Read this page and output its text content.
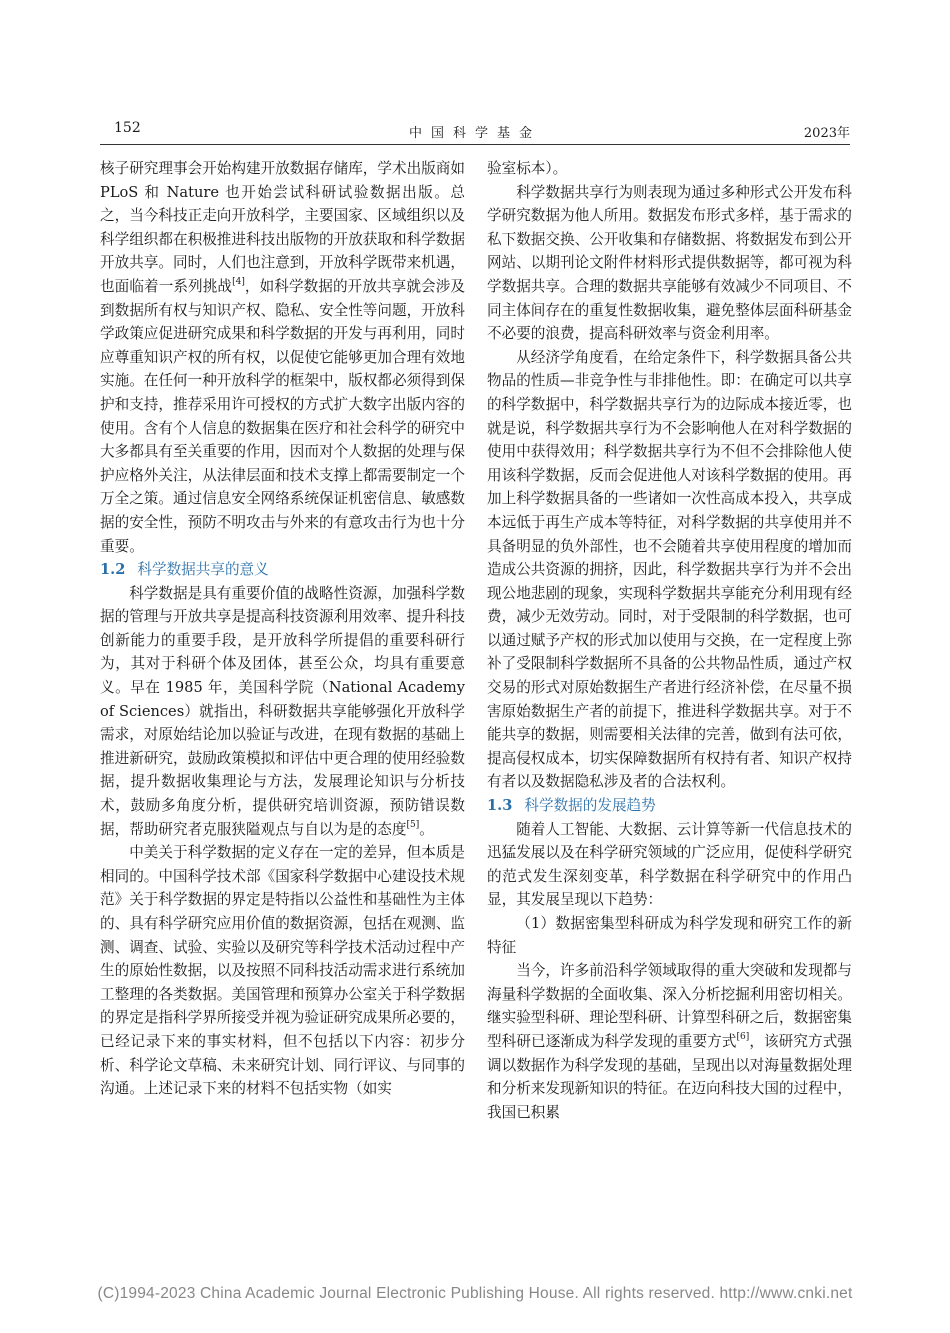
152	中国科学基金	2023年

核子研究理事会开始构建开放数据存储库，学术出版商如 PLoS 和 Nature 也开始尝试科研试验数据出版。总之，当今科技正走向开放科学，主要国家、区域组织以及科学组织都在积极推进科技出版物的开放获取和科学数据开放共享。同时，人们也注意到，开放科学既带来机遇，也面临着一系列挑战[4]，如科学数据的开放共享就会涉及到数据所有权与知识产权、隐私、安全性等问题，开放科学政策应促进研究成果和科学数据的开发与再利用，同时应尊重知识产权的所有权，以促使它能够更加合理有效地实施。在任何一种开放科学的框架中，版权都必须得到保护和支持，推荐采用许可授权的方式扩大数字出版内容的使用。含有个人信息的数据集在医疗和社会科学的研究中大多都具有至关重要的作用，因而对个人数据的处理与保护应格外关注，从法律层面和技术支撑上都需要制定一个万全之策。通过信息安全网络系统保证机密信息、敏感数据的安全性，预防不明攻击与外来的有意攻击行为也十分重要。

1.2 科学数据共享的意义

科学数据是具有重要价值的战略性资源，加强科学数据的管理与开放共享是提高科技资源利用效率、提升科技创新能力的重要手段，是开放科学所提倡的重要科研行为，其对于科研个体及团体，甚至公众，均具有重要意义。早在 1985 年，美国科学院（National Academy of Sciences）就指出，科研数据共享能够强化开放科学需求，对原始结论加以验证与改进，在现有数据的基础上推进新研究，鼓励政策模拟和评估中更合理的使用经验数据，提升数据收集理论与方法，发展理论知识与分析技术，鼓励多角度分析，提供研究培训资源，预防错误数据，帮助研究者克服狭隘观点与自以为是的态度[5]。

中美关于科学数据的定义存在一定的差异，但本质是相同的。中国科学技术部《国家科学数据中心建设技术规范》关于科学数据的界定是特指以公益性和基础性为主体的、具有科学研究应用价值的数据资源，包括在观测、监测、调查、试验、实验以及研究等科学技术活动过程中产生的原始性数据，以及按照不同科技活动需求进行系统加工整理的各类数据。美国管理和预算办公室关于科学数据的界定是指科学界所接受并视为验证研究成果所必要的，已经记录下来的事实材料，但不包括以下内容：初步分析、科学论文草稿、未来研究计划、同行评议、与同事的沟通。上述记录下来的材料不包括实物（如实

验室标本）。

科学数据共享行为则表现为通过多种形式公开发布科学研究数据为他人所用。数据发布形式多样，基于需求的私下数据交换、公开收集和存储数据、将数据发布到公开网站、以期刊论文附件材料形式提供数据等，都可视为科学数据共享。合理的数据共享能够有效减少不同项目、不同主体间存在的重复性数据收集，避免整体层面科研基金不必要的浪费，提高科研效率与资金利用率。

从经济学角度看，在给定条件下，科学数据具备公共物品的性质—非竞争性与非排他性。即：在确定可以共享的科学数据中，科学数据共享行为的边际成本接近零，也就是说，科学数据共享行为不会影响他人在对科学数据的使用中获得效用；科学数据共享行为不但不会排除他人使用该科学数据，反而会促进他人对该科学数据的使用。再加上科学数据具备的一些诸如一次性高成本投入，共享成本远低于再生产成本等特征，对科学数据的共享使用并不具备明显的负外部性，也不会随着共享使用程度的增加而造成公共资源的拥挤，因此，科学数据共享行为并不会出现公地悲剧的现象，实现科学数据共享能充分利用现有经费，减少无效劳动。同时，对于受限制的科学数据，也可以通过赋予产权的形式加以使用与交换，在一定程度上弥补了受限制科学数据所不具备的公共物品性质，通过产权交易的形式对原始数据生产者进行经济补偿，在尽量不损害原始数据生产者的前提下，推进科学数据共享。对于不能共享的数据，则需要相关法律的完善，做到有法可依，提高侵权成本，切实保障数据所有权持有者、知识产权持有者以及数据隐私涉及者的合法权利。

1.3 科学数据的发展趋势

随着人工智能、大数据、云计算等新一代信息技术的迅猛发展以及在科学研究领域的广泛应用，促使科学研究的范式发生深刻变革，科学数据在科学研究中的作用凸显，其发展呈现以下趋势：

（1）数据密集型科研成为科学发现和研究工作的新特征

当今，许多前沿科学领域取得的重大突破和发现都与海量科学数据的全面收集、深入分析挖掘利用密切相关。继实验型科研、理论型科研、计算型科研之后，数据密集型科研已逐渐成为科学发现的重要方式[6]，该研究方式强调以数据作为科学发现的基础，呈现出以对海量数据处理和分析来发现新知识的特征。在迈向科技大国的过程中，我国已积累

(C)1994-2023 China Academic Journal Electronic Publishing House. All rights reserved. http://www.cnki.net
